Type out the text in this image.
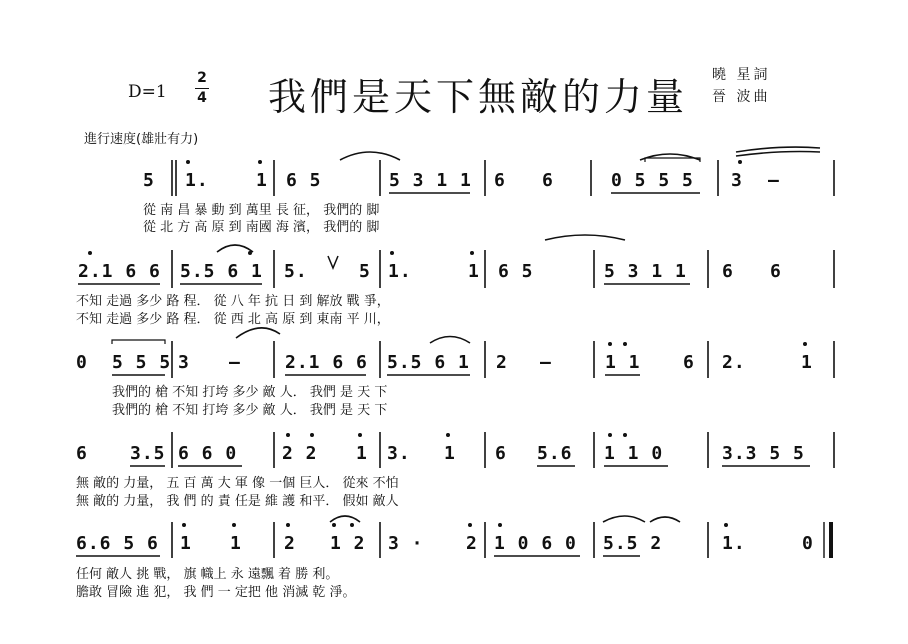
D=1
2
4 我們是天下無敵的力量 曉 星詞
晉 波曲
進行速度(雄壯有力)
5 1.	1 6 5	5 3 1 1 6 6	0 5 5 5 3 –
從 南 昌 暴 動 到 萬里 長 征， 我們的 脚
從 北 方 高 原 到 南國 海 濱， 我們的 脚
2.1 6 6 5.5 6 1 5.	5 1.	1 6 5	5 3 1 1 6 6
不知 走過 多少 路 程． 從 八 年 抗 日 到 解放 戰 爭，
不知 走過 多少 路 程． 從 西 北 高 原 到 東南 平 川，
0 5 5 5 3 – 2.1 6 6 5.5 6 1 2 –	1 1 6 2.	1
我們的 槍 不知 打垮 多少 敵 人． 我們 是 天 下
我們的 槍 不知 打垮 多少 敵 人． 我們 是 天 下
6 3.5 6 6 0 2 2 1 3. 1 6 5.6 1 1 0	3.3 5 5
無 敵的 力量， 五 百 萬 大 軍 像 一個 巨人． 從來 不怕
無 敵的 力量， 我 們 的 責 任是 維 護 和平． 假如 敵人
6.6 5 6 1 1 2 1 2 3 · 2 1 0 6 0 5.5 2	1.	0
任何 敵人 挑 戰， 旗 幟上 永 遠飄 着 勝 利。
膽敢 冒險 進 犯， 我 們 一 定把 他 消滅 乾 淨。
